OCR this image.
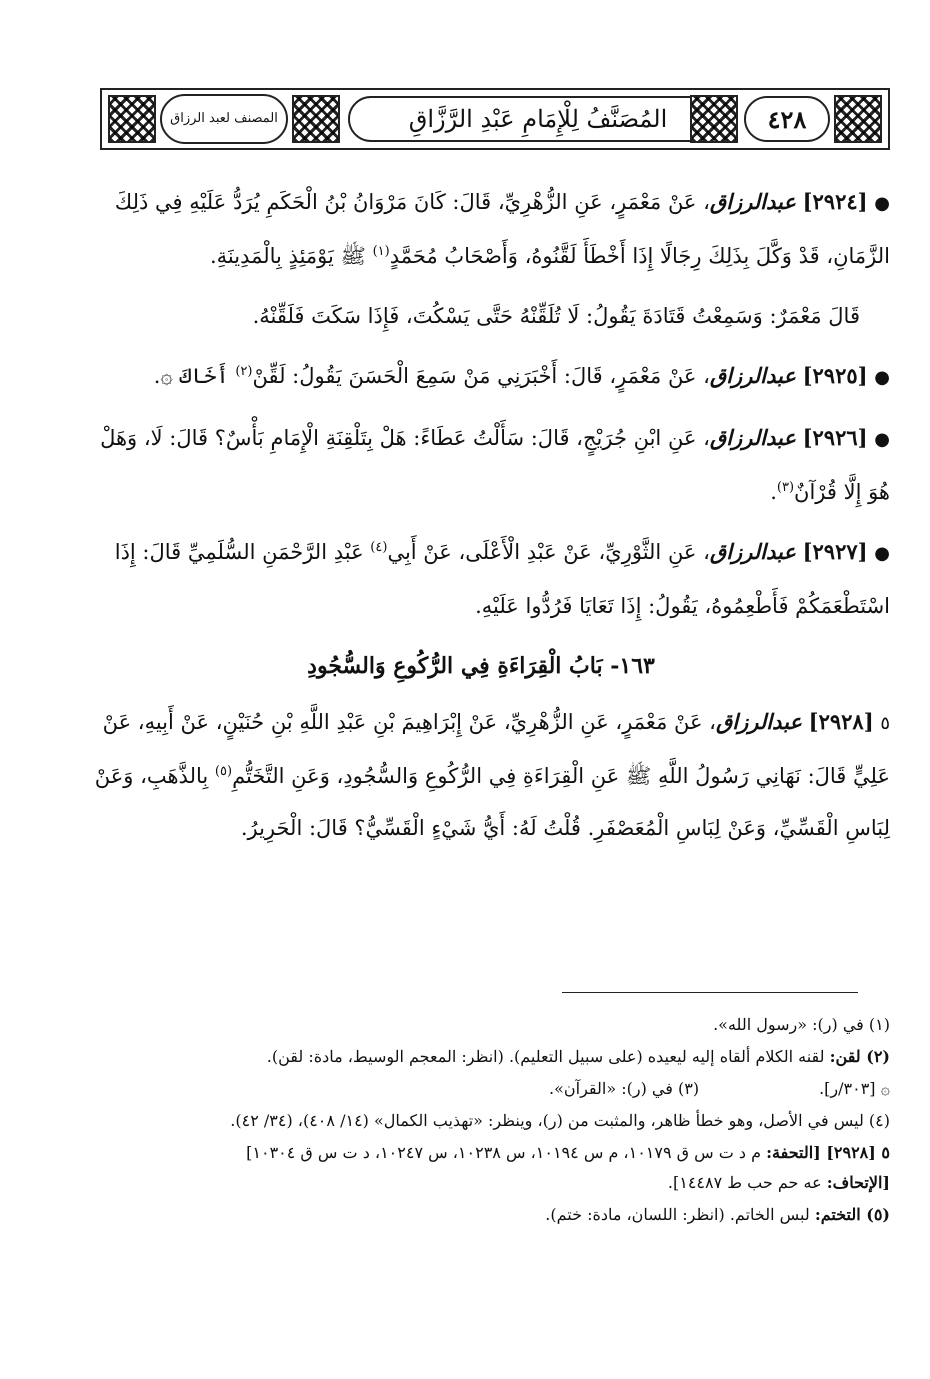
المصنف لعبد الرزاق	المُصَنَّفُ لِلْإِمَامِ عَبْدِ الرَّزَّاقِ	٤٢٨

● [٢٩٢٤] عبدالرزاق، عَنْ مَعْمَرٍ، عَنِ الزُّهْرِيِّ، قَالَ: كَانَ مَرْوَانُ بْنُ الْحَكَمِ يُرَدُّ عَلَيْهِ فِي ذَلِكَ الزَّمَانِ، قَدْ وَكَّلَ بِذَلِكَ رِجَالًا إِذَا أَخْطَأَ لَقَّنُوهُ، وَأَصْحَابُ مُحَمَّدٍ$^{(١)}$ ﷺ يَوْمَئِذٍ بِالْمَدِينَةِ.

قَالَ مَعْمَرٌ: وَسَمِعْتُ قَتَادَةَ يَقُولُ: لَا تُلَقِّنْهُ حَتَّى يَسْكُتَ، فَإِذَا سَكَتَ فَلَقِّنْهُ.

● [٢٩٢٥] عبدالرزاق، عَنْ مَعْمَرٍ، قَالَ: أَخْبَرَنِي مَنْ سَمِعَ الْحَسَنَ يَقُولُ: لَقِّنْ$^{(٢)}$ أَخَاكَ ۞.

● [٢٩٢٦] عبدالرزاق، عَنِ ابْنِ جُرَيْجٍ، قَالَ: سَأَلْتُ عَطَاءً: هَلْ بِتَلْقِنَةِ الْإِمَامِ بَأْسٌ؟ قَالَ: لَا، وَهَلْ هُوَ إِلَّا قُرْآنٌ$^{(٣)}$.

● [٢٩٢٧] عبدالرزاق، عَنِ الثَّوْرِيِّ، عَنْ عَبْدِ الْأَعْلَى، عَنْ أَبِي$^{(٤)}$ عَبْدِ الرَّحْمَنِ السُّلَمِيِّ قَالَ: إِذَا اسْتَطْعَمَكُمْ فَأَطْعِمُوهُ، يَقُولُ: إِذَا تَعَايَا فَرُدُّوا عَلَيْهِ.

١٦٣- بَابُ الْقِرَاءَةِ فِي الرُّكُوعِ وَالسُّجُودِ

٥ [٢٩٢٨] عبدالرزاق، عَنْ مَعْمَرٍ، عَنِ الزُّهْرِيِّ، عَنْ إِبْرَاهِيمَ بْنِ عَبْدِ اللَّهِ بْنِ حُنَيْنٍ، عَنْ أَبِيهِ، عَنْ عَلِيٍّ قَالَ: نَهَانِي رَسُولُ اللَّهِ ﷺ عَنِ الْقِرَاءَةِ فِي الرُّكُوعِ وَالسُّجُودِ، وَعَنِ التَّخَتُّمِ$^{(٥)}$ بِالذَّهَبِ، وَعَنْ لِبَاسِ الْقَسِّيِّ، وَعَنْ لِبَاسِ الْمُعَصْفَرِ. قُلْتُ لَهُ: أَيُّ شَيْءٍ الْقَسِّيُّ؟ قَالَ: الْحَرِيرُ.

(١) في (ر): «رسول الله».

(٢) لقن: لقنه الكلام ألقاه إليه ليعيده (على سبيل التعليم). (انظر: المعجم الوسيط، مادة: لقن).

۞ [٣٠٣/ر].
(٣) في (ر): «القرآن».

(٤) ليس في الأصل، وهو خطأ ظاهر، والمثبت من (ر)، وينظر: «تهذيب الكمال» (١٤/ ٤٠٨)، (٣٤/ ٤٢).

٥ [٢٩٢٨] [التحفة: م د ت س ق ١٠١٧٩، م س ١٠١٩٤، س ١٠٢٣٨، س ١٠٢٤٧، د ت س ق ١٠٣٠٤]
[الإتحاف: عه حم حب ط ١٤٤٨٧].

(٥) التختم: لبس الخاتم. (انظر: اللسان، مادة: ختم).
